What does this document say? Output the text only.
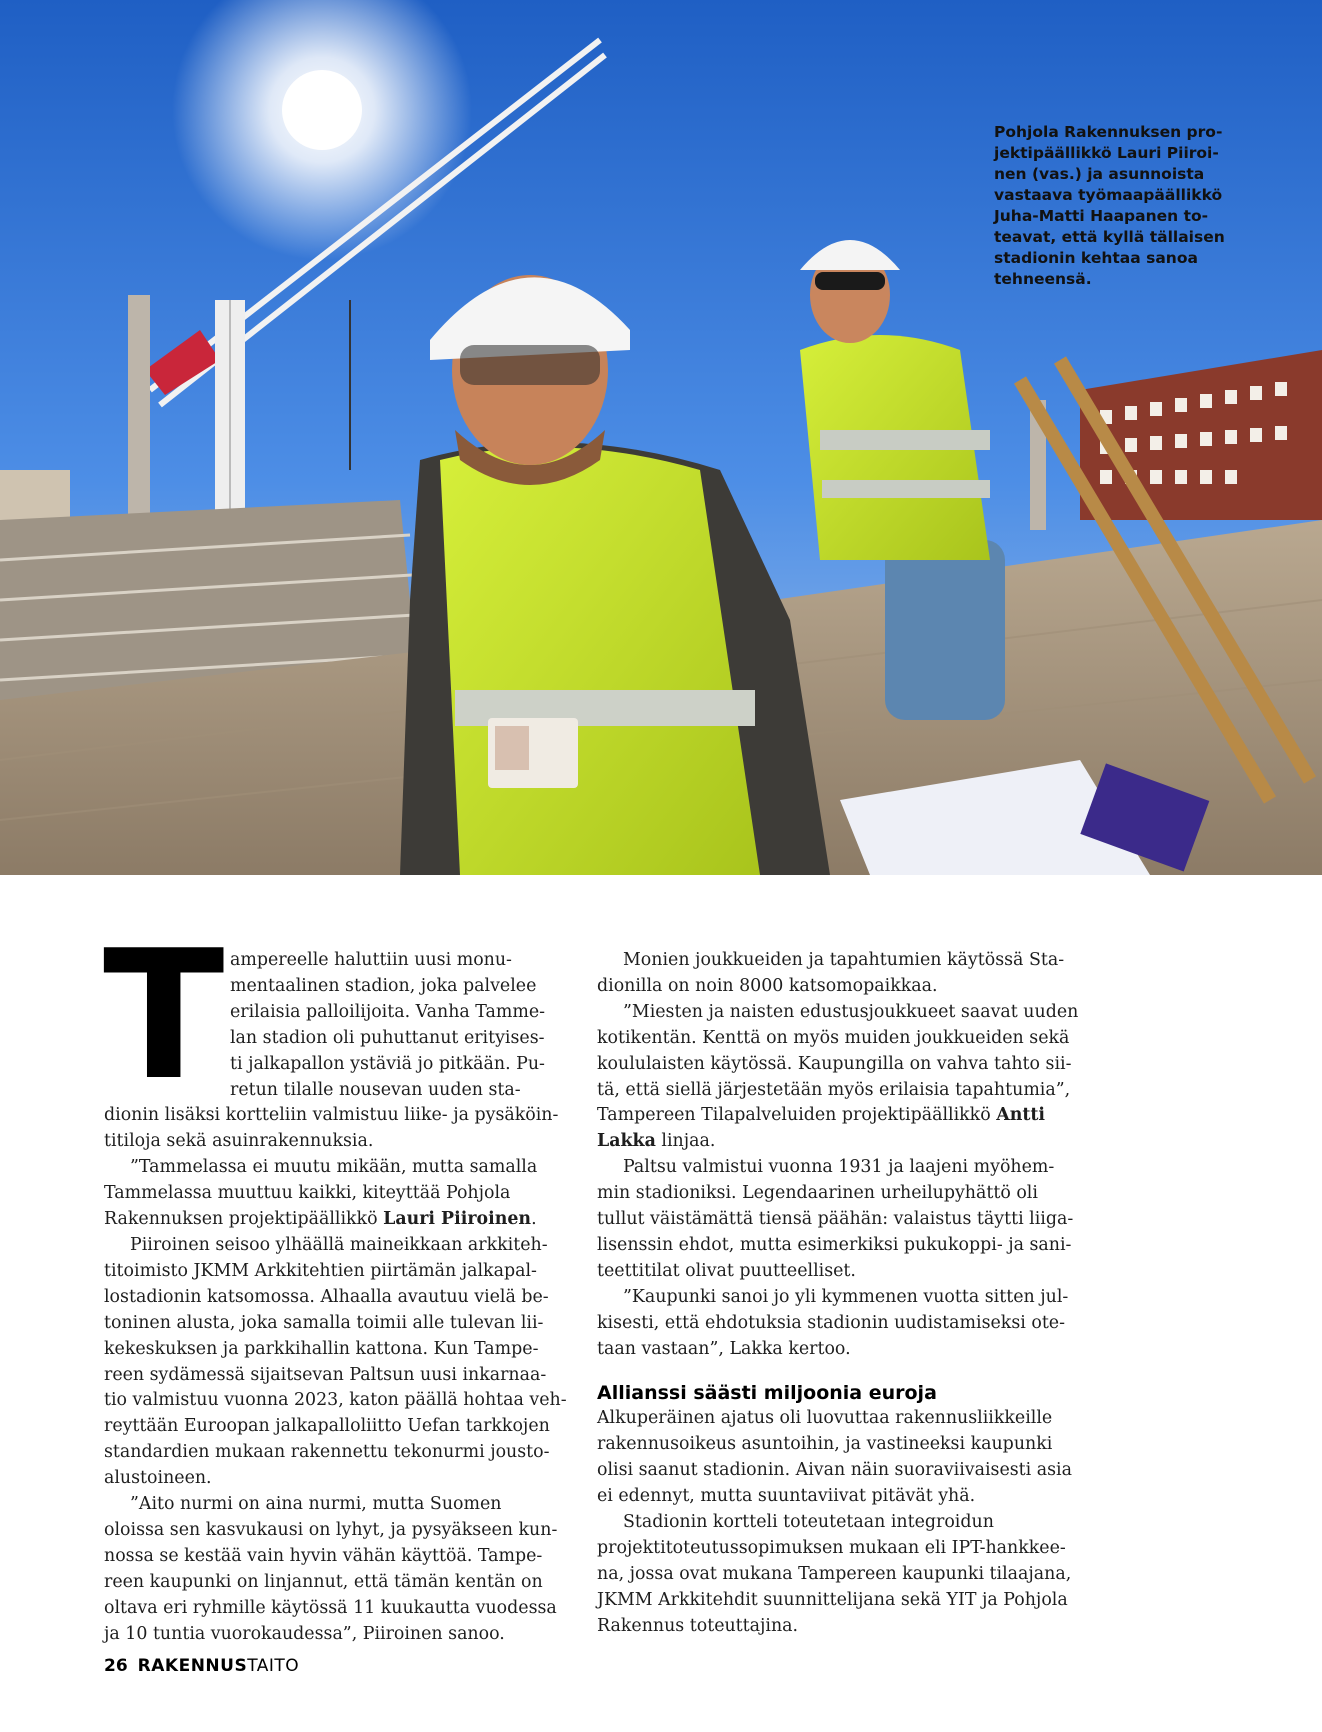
Pohjola Rakennuksen pro-
jektipäällikkö Lauri Piiroi-
nen (vas.) ja asunnoista
vastaava työmaapäällikkö
Juha-Matti Haapanen to-
teavat, että kyllä tällaisen
stadionin kehtaa sanoa
tehneensä.
T ampereelle haluttiin uusi monu-
mentaalinen stadion, joka palvelee
erilaisia palloilijoita. Vanha Tamme-
lan stadion oli puhuttanut erityises-
ti jalkapallon ystäviä jo pitkään. Pu-
retun tilalle nousevan uuden sta-
dionin lisäksi kortteliin valmistuu liike- ja pysäköin-
titiloja sekä asuinrakennuksia.
”Tammelassa ei muutu mikään, mutta samalla
Tammelassa muuttuu kaikki, kiteyttää Pohjola
Rakennuksen projektipäällikkö Lauri Piiroinen.
Piiroinen seisoo ylhäällä maineikkaan arkkiteh-
titoimisto JKMM Arkkitehtien piirtämän jalkapal-
lostadionin katsomossa. Alhaalla avautuu vielä be-
toninen alusta, joka samalla toimii alle tulevan lii-
kekeskuksen ja parkkihallin kattona. Kun Tampe-
reen sydämessä sijaitsevan Paltsun uusi inkarnaa-
tio valmistuu vuonna 2023, katon päällä hohtaa veh-
reyttään Euroopan jalkapalloliitto Uefan tarkkojen
standardien mukaan rakennettu tekonurmi jousto-
alustoineen.
”Aito nurmi on aina nurmi, mutta Suomen
oloissa sen kasvukausi on lyhyt, ja pysyäkseen kun-
nossa se kestää vain hyvin vähän käyttöä. Tampe-
reen kaupunki on linjannut, että tämän kentän on
oltava eri ryhmille käytössä 11 kuukautta vuodessa
ja 10 tuntia vuorokaudessa”, Piiroinen sanoo.
Monien joukkueiden ja tapahtumien käytössä Sta-
dionilla on noin 8000 katsomopaikkaa.
”Miesten ja naisten edustusjoukkueet saavat uuden
kotikentän. Kenttä on myös muiden joukkueiden sekä
koululaisten käytössä. Kaupungilla on vahva tahto sii-
tä, että siellä järjestetään myös erilaisia tapahtumia”,
Tampereen Tilapalveluiden projektipäällikkö Antti
Lakka linjaa.
Paltsu valmistui vuonna 1931 ja laajeni myöhem-
min stadioniksi. Legendaarinen urheilupyhättö oli
tullut väistämättä tiensä päähän: valaistus täytti liiga-
lisenssin ehdot, mutta esimerkiksi pukukoppi- ja sani-
teettitilat olivat puutteelliset.
”Kaupunki sanoi jo yli kymmenen vuotta sitten jul-
kisesti, että ehdotuksia stadionin uudistamiseksi ote-
taan vastaan”, Lakka kertoo.
Allianssi säästi miljoonia euroja
Alkuperäinen ajatus oli luovuttaa rakennusliikkeille
rakennusoikeus asuntoihin, ja vastineeksi kaupunki
olisi saanut stadionin. Aivan näin suoraviivaisesti asia
ei edennyt, mutta suuntaviivat pitävät yhä.
Stadionin kortteli toteutetaan integroidun
projektitoteutussopimuksen mukaan eli IPT-hankkee-
na, jossa ovat mukana Tampereen kaupunki tilaajana,
JKMM Arkkitehdit suunnittelijana sekä YIT ja Pohjola
Rakennus toteuttajina.
26 RAKENNUSTAITO
